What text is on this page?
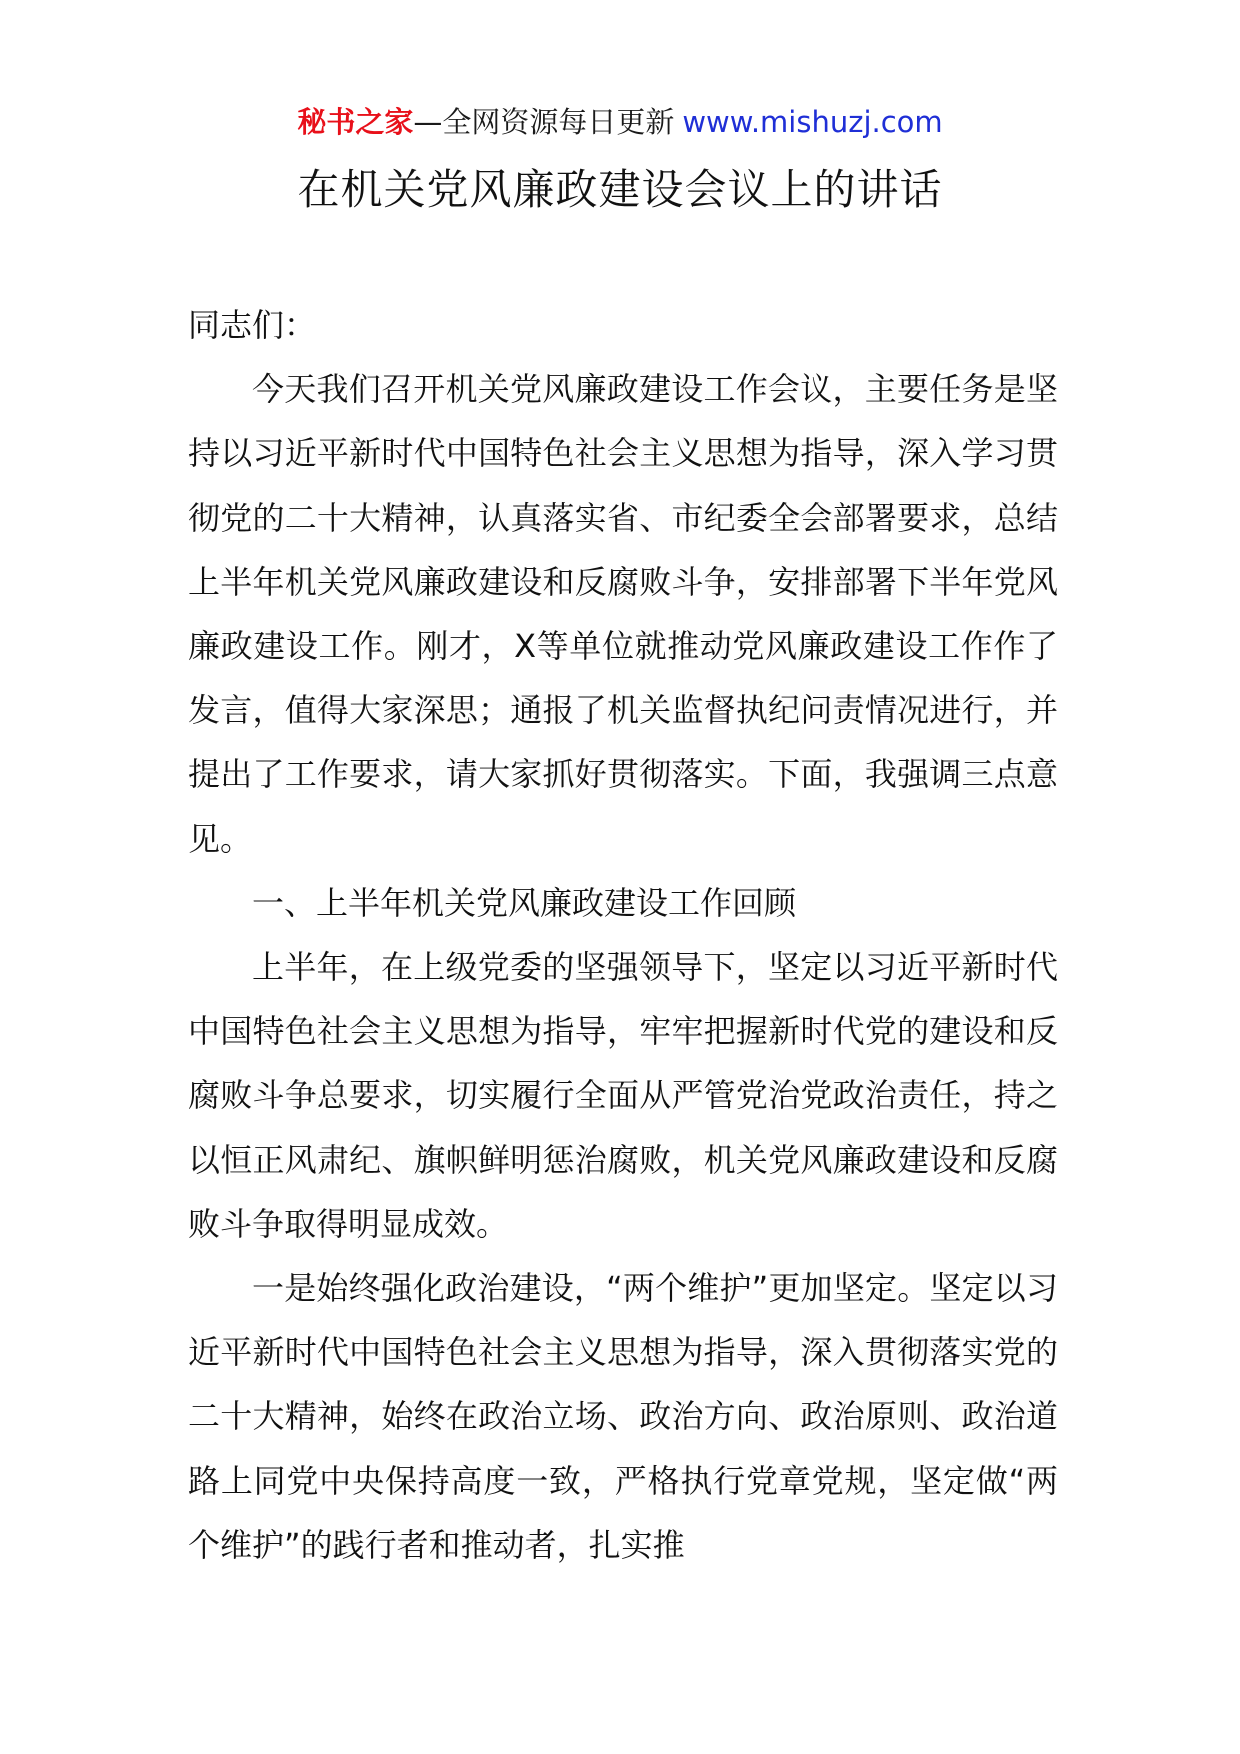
秘书之家—全网资源每日更新 www.mishuzj.com
在机关党风廉政建设会议上的讲话

同志们：

今天我们召开机关党风廉政建设工作会议，主要任务是坚持以习近平新时代中国特色社会主义思想为指导，深入学习贯彻党的二十大精神，认真落实省、市纪委全会部署要求，总结上半年机关党风廉政建设和反腐败斗争，安排部署下半年党风廉政建设工作。刚才，X等单位就推动党风廉政建设工作作了发言，值得大家深思；通报了机关监督执纪问责情况进行，并提出了工作要求，请大家抓好贯彻落实。下面，我强调三点意见。

一、上半年机关党风廉政建设工作回顾

上半年，在上级党委的坚强领导下，坚定以习近平新时代中国特色社会主义思想为指导，牢牢把握新时代党的建设和反腐败斗争总要求，切实履行全面从严管党治党政治责任，持之以恒正风肃纪、旗帜鲜明惩治腐败，机关党风廉政建设和反腐败斗争取得明显成效。

一是始终强化政治建设，“两个维护”更加坚定。坚定以习近平新时代中国特色社会主义思想为指导，深入贯彻落实党的二十大精神，始终在政治立场、政治方向、政治原则、政治道路上同党中央保持高度一致，严格执行党章党规，坚定做“两个维护”的践行者和推动者，扎实推
